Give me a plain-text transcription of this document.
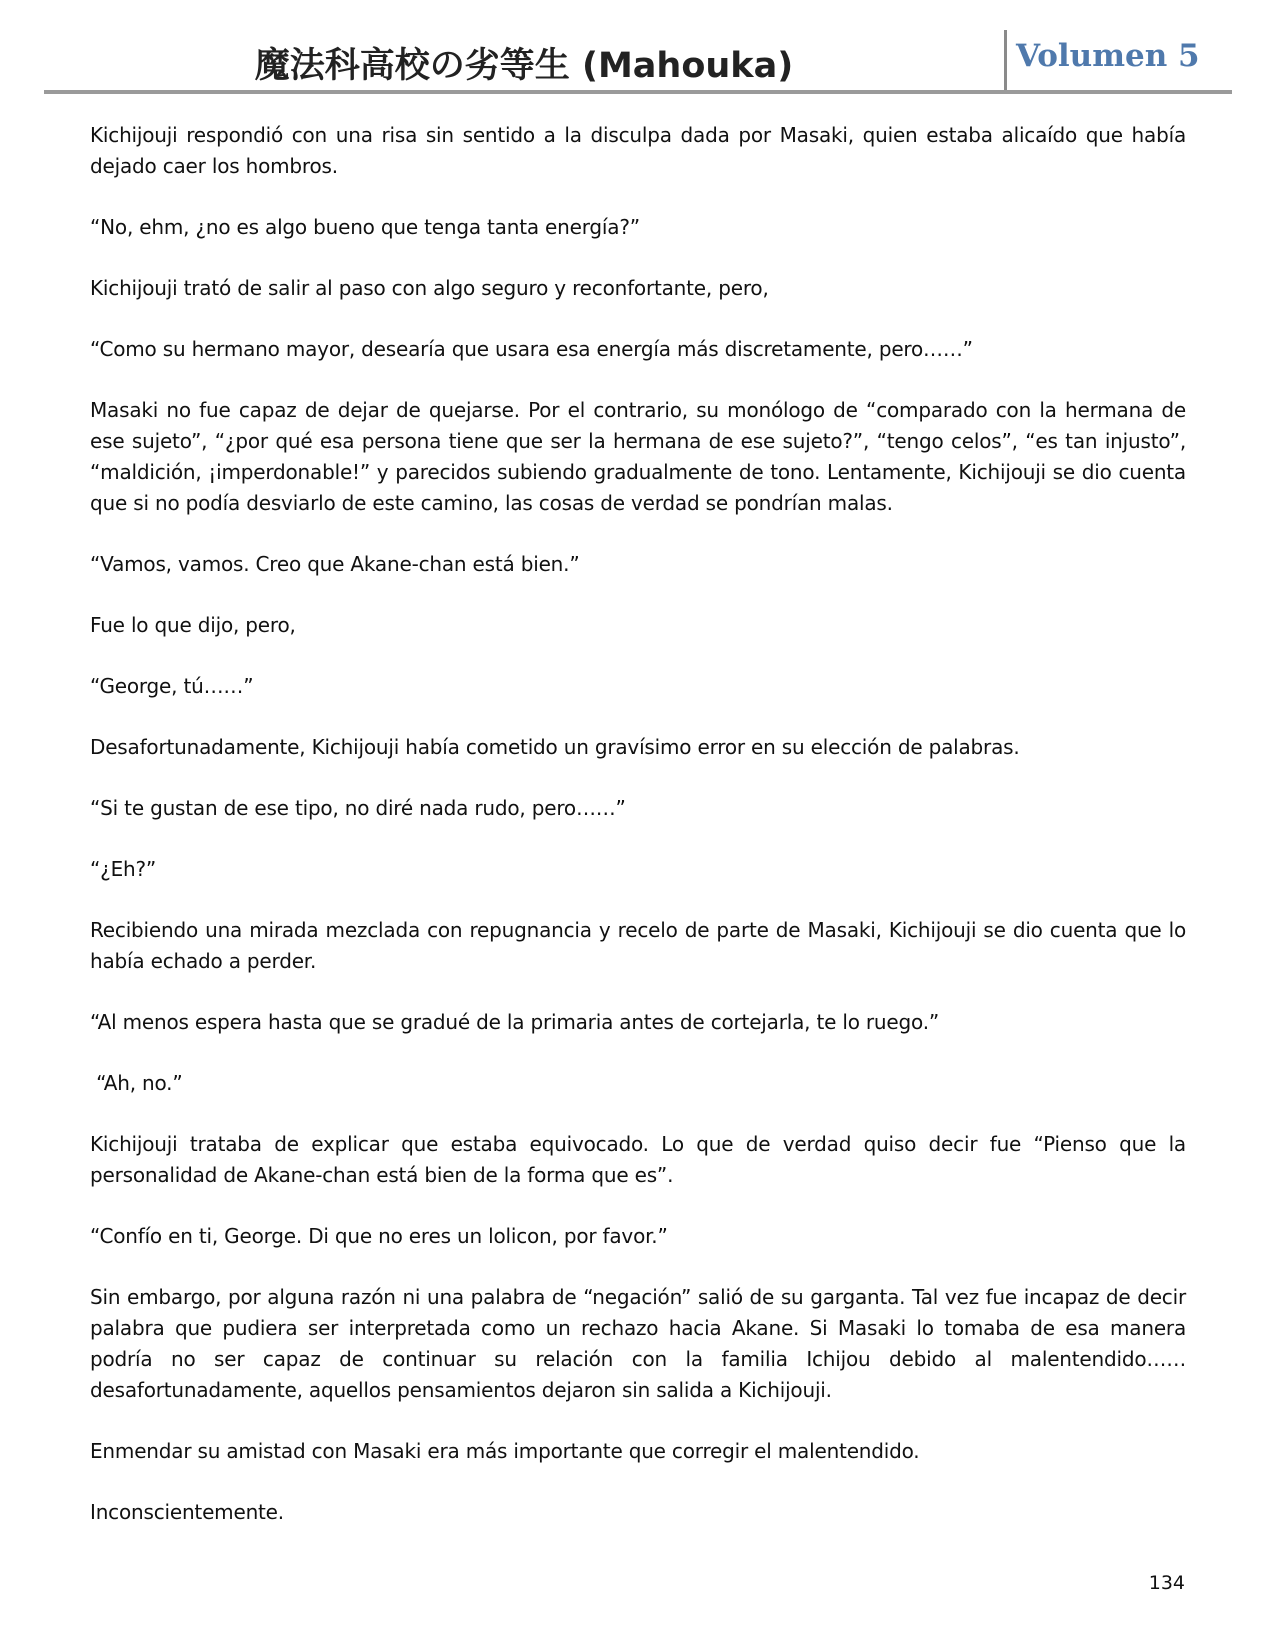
魔法科高校の劣等生 (Mahouka)	Volumen 5

Kichijouji respondió con una risa sin sentido a la disculpa dada por Masaki, quien estaba alicaído que había dejado caer los hombros.

“No, ehm, ¿no es algo bueno que tenga tanta energía?”

Kichijouji trató de salir al paso con algo seguro y reconfortante, pero,

“Como su hermano mayor, desearía que usara esa energía más discretamente, pero……”

Masaki no fue capaz de dejar de quejarse. Por el contrario, su monólogo de “comparado con la hermana de ese sujeto”, “¿por qué esa persona tiene que ser la hermana de ese sujeto?”, “tengo celos”, “es tan injusto”, “maldición, ¡imperdonable!” y parecidos subiendo gradualmente de tono. Lentamente, Kichijouji se dio cuenta que si no podía desviarlo de este camino, las cosas de verdad se pondrían malas.

“Vamos, vamos. Creo que Akane-chan está bien.”

Fue lo que dijo, pero,

“George, tú……”

Desafortunadamente, Kichijouji había cometido un gravísimo error en su elección de palabras.

“Si te gustan de ese tipo, no diré nada rudo, pero……”

“¿Eh?”

Recibiendo una mirada mezclada con repugnancia y recelo de parte de Masaki, Kichijouji se dio cuenta que lo había echado a perder.

“Al menos espera hasta que se gradué de la primaria antes de cortejarla, te lo ruego.”

“Ah, no.”

Kichijouji trataba de explicar que estaba equivocado. Lo que de verdad quiso decir fue “Pienso que la personalidad de Akane-chan está bien de la forma que es”.

“Confío en ti, George. Di que no eres un lolicon, por favor.”

Sin embargo, por alguna razón ni una palabra de “negación” salió de su garganta. Tal vez fue incapaz de decir palabra que pudiera ser interpretada como un rechazo hacia Akane. Si Masaki lo tomaba de esa manera podría no ser capaz de continuar su relación con la familia Ichijou debido al malentendido…… desafortunadamente, aquellos pensamientos dejaron sin salida a Kichijouji.

Enmendar su amistad con Masaki era más importante que corregir el malentendido.

Inconscientemente.

134
